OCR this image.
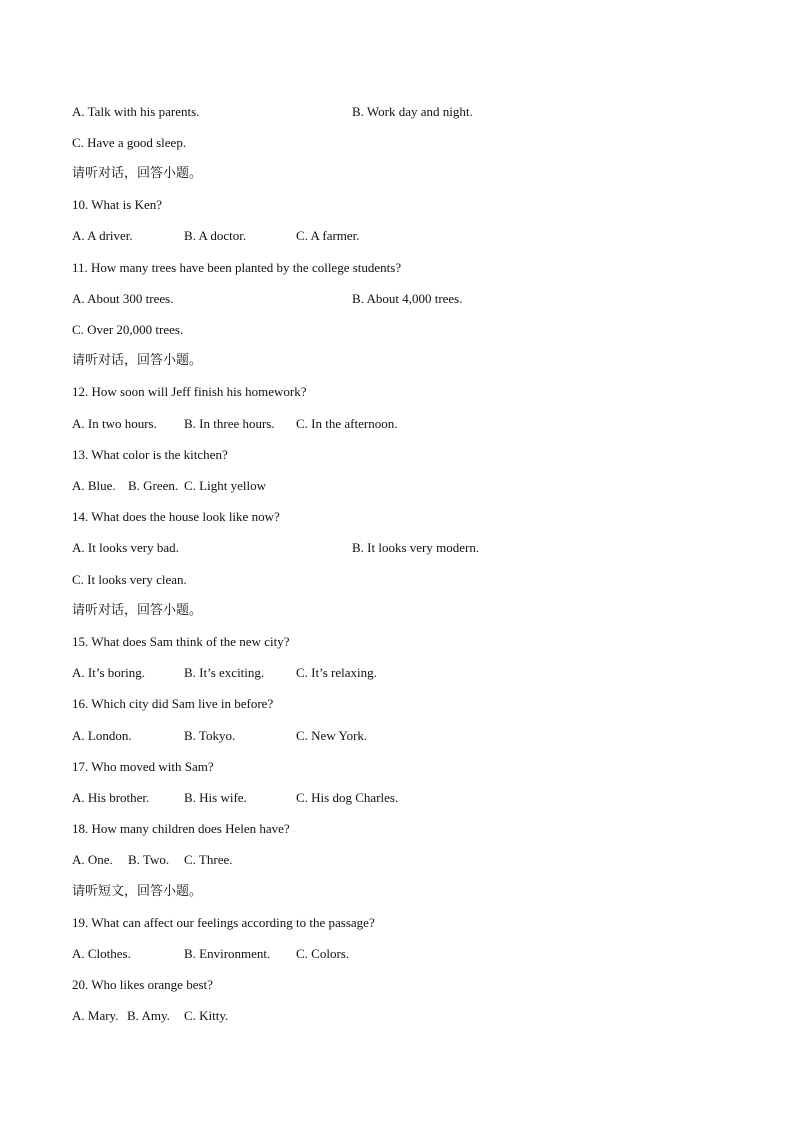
A. Talk with his parents.	B. Work day and night.
C. Have a good sleep.
请听对话，回答小题。
10. What is Ken?
A. A driver.	B. A doctor.	C. A farmer.
11. How many trees have been planted by the college students?
A. About 300 trees.	B. About 4,000 trees.
C. Over 20,000 trees.
请听对话，回答小题。
12. How soon will Jeff finish his homework?
A. In two hours. B. In three hours. C. In the afternoon.
13. What color is the kitchen?
A. Blue. B. Green. C. Light yellow
14. What does the house look like now?
A. It looks very bad.	B. It looks very modern.
C. It looks very clean.
请听对话，回答小题。
15. What does Sam think of the new city?
A. It’s boring.	B. It’s exciting. C. It’s relaxing.
16. Which city did Sam live in before?
A. London.	B. Tokyo.	C. New York.
17. Who moved with Sam?
A. His brother.	B. His wife.	C. His dog Charles.
18. How many children does Helen have?
A. One. B. Two. C. Three.
请听短文，回答小题。
19. What can affect our feelings according to the passage?
A. Clothes.	B. Environment. C. Colors.
20. Who likes orange best?
A. Mary. B. Amy. C. Kitty.
